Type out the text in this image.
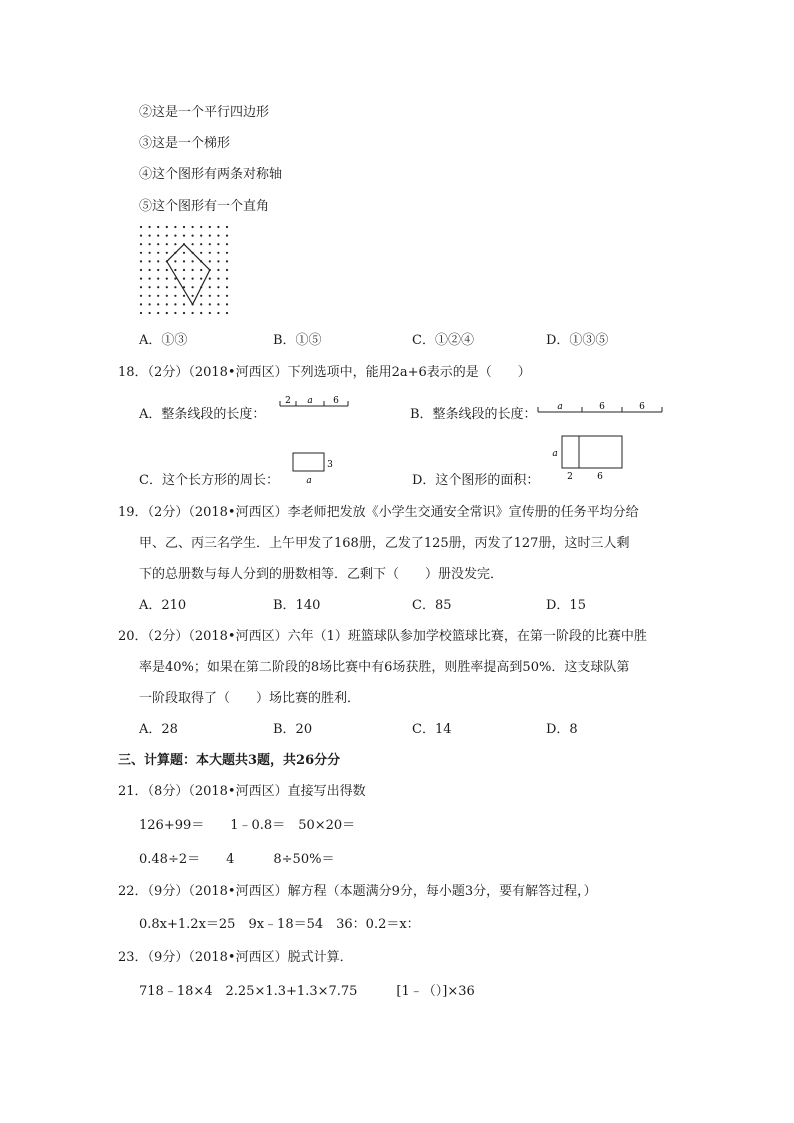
②这是一个平行四边形
③这是一个梯形
④这个图形有两条对称轴
⑤这个图形有一个直角
A．①③	B．①⑤	C．①②④	D．①③⑤
18．（2分）（2018•河西区）下列选项中，能用2a+6表示的是（　　）
A．整条线段的长度：
2 a 6
B．整条线段的长度： a	6	6
C．这个长方形的周长：
3
a	D．这个图形的面积：
a
2	6
19．（2分）（2018•河西区）李老师把发放《小学生交通安全常识》宣传册的任务平均分给
甲、乙、丙三名学生．上午甲发了168册，乙发了125册，丙发了127册，这时三人剩
下的总册数与每人分到的册数相等．乙剩下（　　）册没发完．
A．210	B．140	C．85	D．15
20．（2分）（2018•河西区）六年（1）班篮球队参加学校篮球比赛，在第一阶段的比赛中胜
率是40%；如果在第二阶段的8场比赛中有6场获胜，则胜率提高到50%．这支球队第
一阶段取得了（　　）场比赛的胜利．
A．28	B．20	C．14	D．8
三、计算题：本大题共3题，共26分分
21．（8分）（2018•河西区）直接写出得数
126+99＝　　1﹣0.8＝　50×20＝
0.48÷2＝　　4　　　8÷50%＝
22．（9分）（2018•河西区）解方程（本题满分9分，每小题3分，要有解答过程，）
0.8x+1.2x＝25　9x﹣18＝54　36：0.2＝x：
23．（9分）（2018•河西区）脱式计算．
718﹣18×4　2.25×1.3+1.3×7.75　　　[1﹣（）]×36
